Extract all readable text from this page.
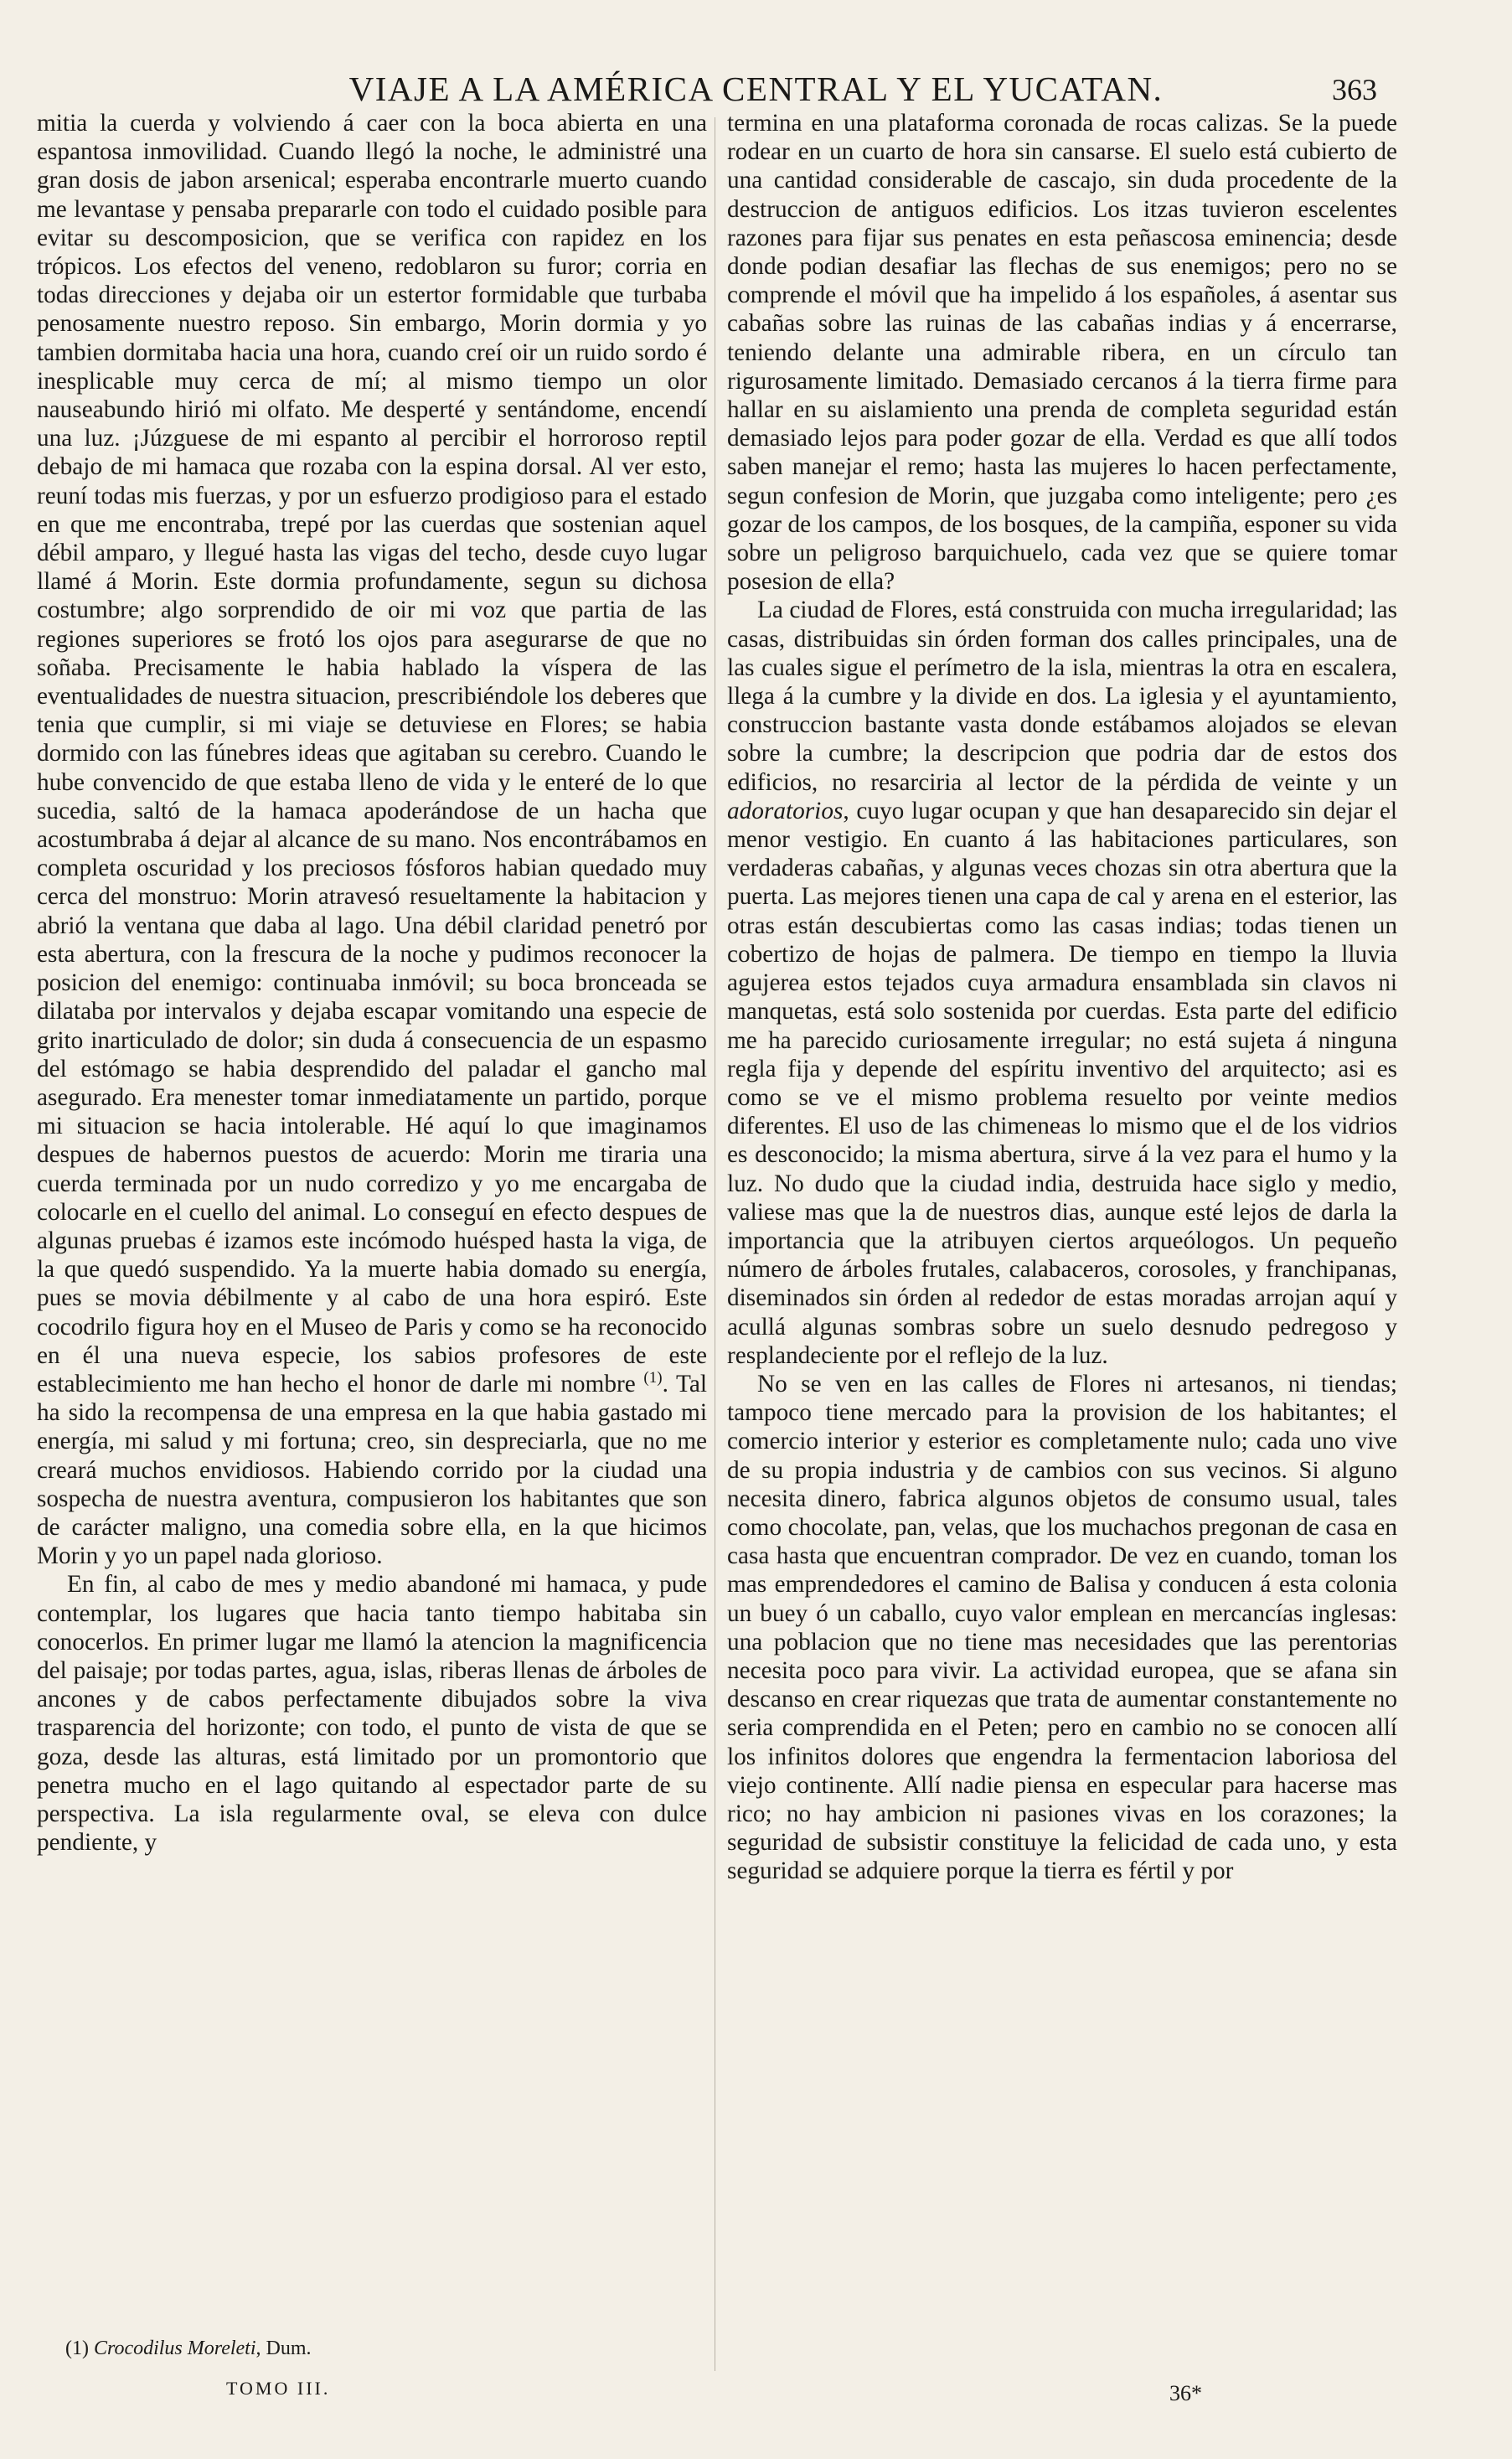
VIAJE A LA AMÉRICA CENTRAL Y EL YUCATAN.	363

mitia la cuerda y volviendo á caer con la boca abierta en una espantosa inmovilidad. Cuando llegó la noche, le administré una gran dosis de jabon arsenical; esperaba encontrarle muerto cuando me levantase y pensaba prepararle con todo el cuidado posible para evitar su descomposicion, que se verifica con rapidez en los trópicos. Los efectos del veneno, redoblaron su furor; corria en todas direcciones y dejaba oir un estertor formidable que turbaba penosamente nuestro reposo. Sin embargo, Morin dormia y yo tambien dormitaba hacia una hora, cuando creí oir un ruido sordo é inesplicable muy cerca de mí; al mismo tiempo un olor nauseabundo hirió mi olfato. Me desperté y sentándome, encendí una luz. ¡Júzguese de mi espanto al percibir el horroroso reptil debajo de mi hamaca que rozaba con la espina dorsal. Al ver esto, reuní todas mis fuerzas, y por un esfuerzo prodigioso para el estado en que me encontraba, trepé por las cuerdas que sostenian aquel débil amparo, y llegué hasta las vigas del techo, desde cuyo lugar llamé á Morin. Este dormia profundamente, segun su dichosa costumbre; algo sorprendido de oir mi voz que partia de las regiones superiores se frotó los ojos para asegurarse de que no soñaba. Precisamente le habia hablado la víspera de las eventualidades de nuestra situacion, prescribiéndole los deberes que tenia que cumplir, si mi viaje se detuviese en Flores; se habia dormido con las fúnebres ideas que agitaban su cerebro. Cuando le hube convencido de que estaba lleno de vida y le enteré de lo que sucedia, saltó de la hamaca apoderándose de un hacha que acostumbraba á dejar al alcance de su mano. Nos encontrábamos en completa oscuridad y los preciosos fósforos habian quedado muy cerca del monstruo: Morin atravesó resueltamente la habitacion y abrió la ventana que daba al lago. Una débil claridad penetró por esta abertura, con la frescura de la noche y pudimos reconocer la posicion del enemigo: continuaba inmóvil; su boca bronceada se dilataba por intervalos y dejaba escapar vomitando una especie de grito inarticulado de dolor; sin duda á consecuencia de un espasmo del estómago se habia desprendido del paladar el gancho mal asegurado. Era menester tomar inmediatamente un partido, porque mi situacion se hacia intolerable. Hé aquí lo que imaginamos despues de habernos puestos de acuerdo: Morin me tiraria una cuerda terminada por un nudo corredizo y yo me encargaba de colocarle en el cuello del animal. Lo conseguí en efecto despues de algunas pruebas é izamos este incómodo huésped hasta la viga, de la que quedó suspendido. Ya la muerte habia domado su energía, pues se movia débilmente y al cabo de una hora espiró. Este cocodrilo figura hoy en el Museo de Paris y como se ha reconocido en él una nueva especie, los sabios profesores de este establecimiento me han hecho el honor de darle mi nombre $^{(1)}$. Tal ha sido la recompensa de una empresa en la que habia gastado mi energía, mi salud y mi fortuna; creo, sin despreciarla, que no me creará muchos envidiosos. Habiendo corrido por la ciudad una sospecha de nuestra aventura, compusieron los habitantes que son de carácter maligno, una comedia sobre ella, en la que hicimos Morin y yo un papel nada glorioso.

En fin, al cabo de mes y medio abandoné mi hamaca, y pude contemplar, los lugares que hacia tanto tiempo habitaba sin conocerlos. En primer lugar me llamó la atencion la magnificencia del paisaje; por todas partes, agua, islas, riberas llenas de árboles de ancones y de cabos perfectamente dibujados sobre la viva trasparencia del horizonte; con todo, el punto de vista de que se goza, desde las alturas, está limitado por un promontorio que penetra mucho en el lago quitando al espectador parte de su perspectiva. La isla regularmente oval, se eleva con dulce pendiente, y

termina en una plataforma coronada de rocas calizas. Se la puede rodear en un cuarto de hora sin cansarse. El suelo está cubierto de una cantidad considerable de cascajo, sin duda procedente de la destruccion de antiguos edificios. Los itzas tuvieron escelentes razones para fijar sus penates en esta peñascosa eminencia; desde donde podian desafiar las flechas de sus enemigos; pero no se comprende el móvil que ha impelido á los españoles, á asentar sus cabañas sobre las ruinas de las cabañas indias y á encerrarse, teniendo delante una admirable ribera, en un círculo tan rigurosamente limitado. Demasiado cercanos á la tierra firme para hallar en su aislamiento una prenda de completa seguridad están demasiado lejos para poder gozar de ella. Verdad es que allí todos saben manejar el remo; hasta las mujeres lo hacen perfectamente, segun confesion de Morin, que juzgaba como inteligente; pero ¿es gozar de los campos, de los bosques, de la campiña, esponer su vida sobre un peligroso barquichuelo, cada vez que se quiere tomar posesion de ella?

La ciudad de Flores, está construida con mucha irregularidad; las casas, distribuidas sin órden forman dos calles principales, una de las cuales sigue el perímetro de la isla, mientras la otra en escalera, llega á la cumbre y la divide en dos. La iglesia y el ayuntamiento, construccion bastante vasta donde estábamos alojados se elevan sobre la cumbre; la descripcion que podria dar de estos dos edificios, no resarciria al lector de la pérdida de veinte y un adoratorios, cuyo lugar ocupan y que han desaparecido sin dejar el menor vestigio. En cuanto á las habitaciones particulares, son verdaderas cabañas, y algunas veces chozas sin otra abertura que la puerta. Las mejores tienen una capa de cal y arena en el esterior, las otras están descubiertas como las casas indias; todas tienen un cobertizo de hojas de palmera. De tiempo en tiempo la lluvia agujerea estos tejados cuya armadura ensamblada sin clavos ni manquetas, está solo sostenida por cuerdas. Esta parte del edificio me ha parecido curiosamente irregular; no está sujeta á ninguna regla fija y depende del espíritu inventivo del arquitecto; asi es como se ve el mismo problema resuelto por veinte medios diferentes. El uso de las chimeneas lo mismo que el de los vidrios es desconocido; la misma abertura, sirve á la vez para el humo y la luz. No dudo que la ciudad india, destruida hace siglo y medio, valiese mas que la de nuestros dias, aunque esté lejos de darla la importancia que la atribuyen ciertos arqueólogos. Un pequeño número de árboles frutales, calabaceros, corosoles, y franchipanas, diseminados sin órden al rededor de estas moradas arrojan aquí y acullá algunas sombras sobre un suelo desnudo pedregoso y resplandeciente por el reflejo de la luz.

No se ven en las calles de Flores ni artesanos, ni tiendas; tampoco tiene mercado para la provision de los habitantes; el comercio interior y esterior es completamente nulo; cada uno vive de su propia industria y de cambios con sus vecinos. Si alguno necesita dinero, fabrica algunos objetos de consumo usual, tales como chocolate, pan, velas, que los muchachos pregonan de casa en casa hasta que encuentran comprador. De vez en cuando, toman los mas emprendedores el camino de Balisa y conducen á esta colonia un buey ó un caballo, cuyo valor emplean en mercancías inglesas: una poblacion que no tiene mas necesidades que las perentorias necesita poco para vivir. La actividad europea, que se afana sin descanso en crear riquezas que trata de aumentar constantemente no seria comprendida en el Peten; pero en cambio no se conocen allí los infinitos dolores que engendra la fermentacion laboriosa del viejo continente. Allí nadie piensa en especular para hacerse mas rico; no hay ambicion ni pasiones vivas en los corazones; la seguridad de subsistir constituye la felicidad de cada uno, y esta seguridad se adquiere porque la tierra es fértil y por

(1) Crocodilus Moreleti, Dum.
TOMO III.	36*
